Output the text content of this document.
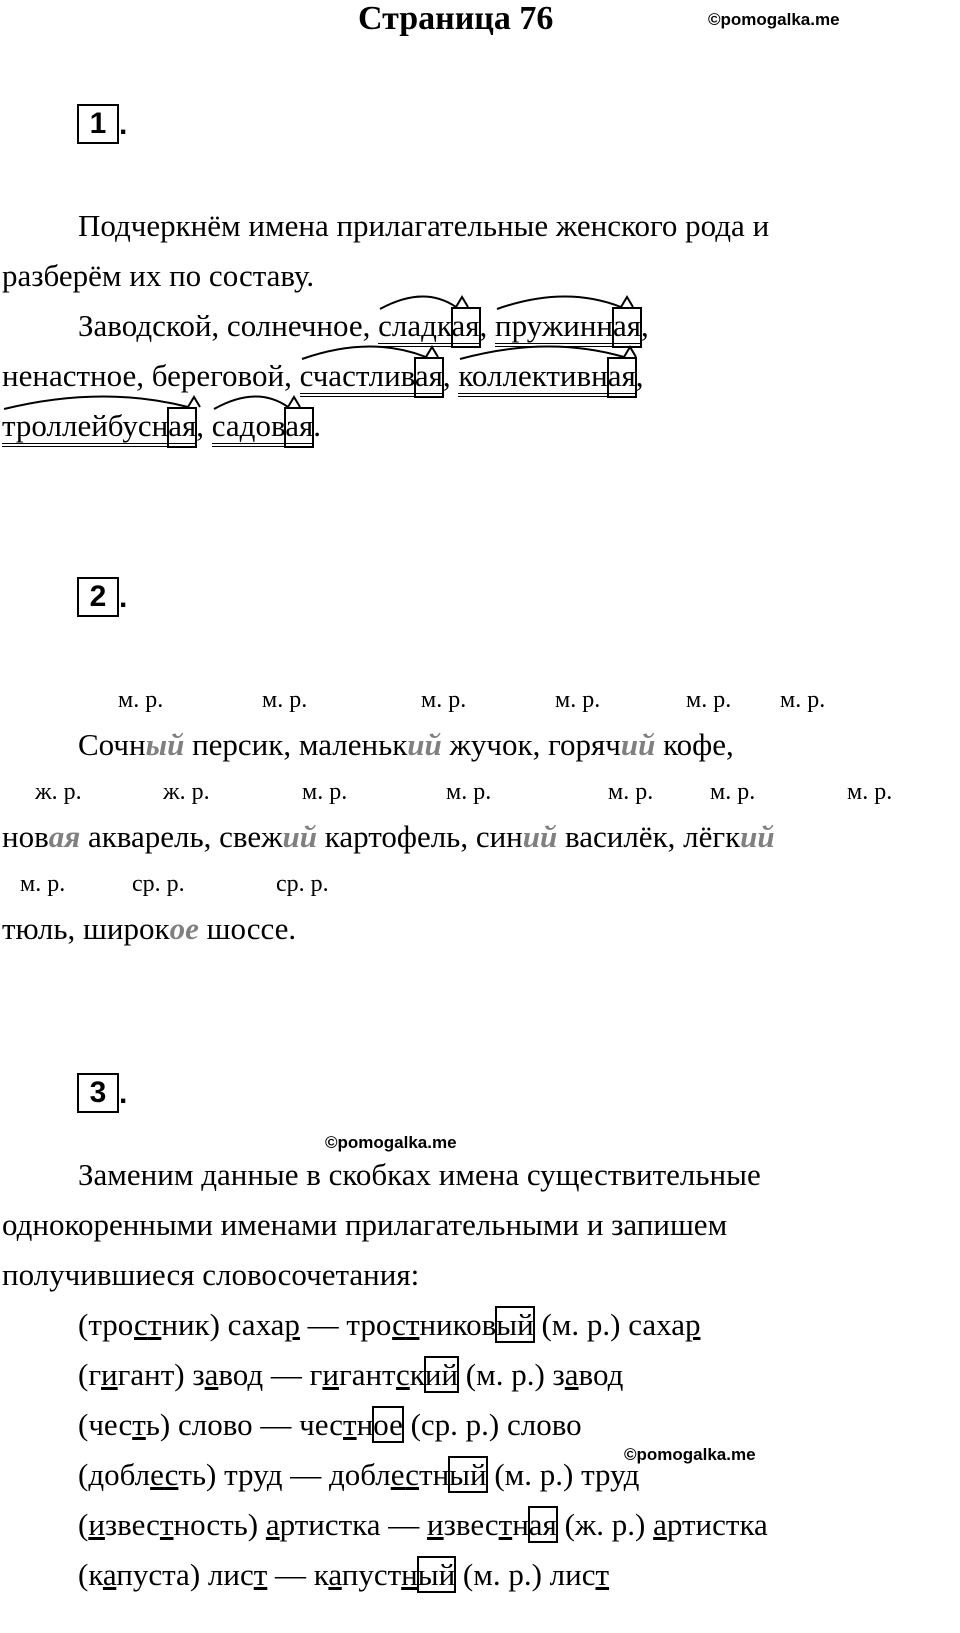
Страница 76	©pomogalka.me
1 .
Подчеркнём имена прилагательные женского рода и
разберём их по составу.
Заводской, солнечное,
сладкая,
пружинная,
ненастное, береговой,
счастливая,
коллективная,
троллейбусная,
садовая.
2 .
м. р.	м. р.	м. р.	м. р.	м. р. м. р.
Сочный персик, маленький жучок, горячий кофе,
ж. р.	ж. р.	м. р.	м. р.	м. р. м. р.	м. р.
новая акварель, свежий картофель, синий василёк, лёгкий
м. р.	ср. р.	ср. р.
тюль, широкое шоссе.
3 .
©pomogalka.me
Заменим данные в скобках имена существительные
однокоренными именами прилагательными и запишем
получившиеся словосочетания:
©pomogalka.me
(тростник) сахар — тростниковый (м. р.) сахар
(гигант) завод — гигантский (м. р.) завод
(честь) слово — честное (ср. р.) слово
(доблесть) труд — доблестный (м. р.) труд
(известность) артистка — известная (ж. р.) артистка
(капуста) лист — капустный (м. р.) лист
